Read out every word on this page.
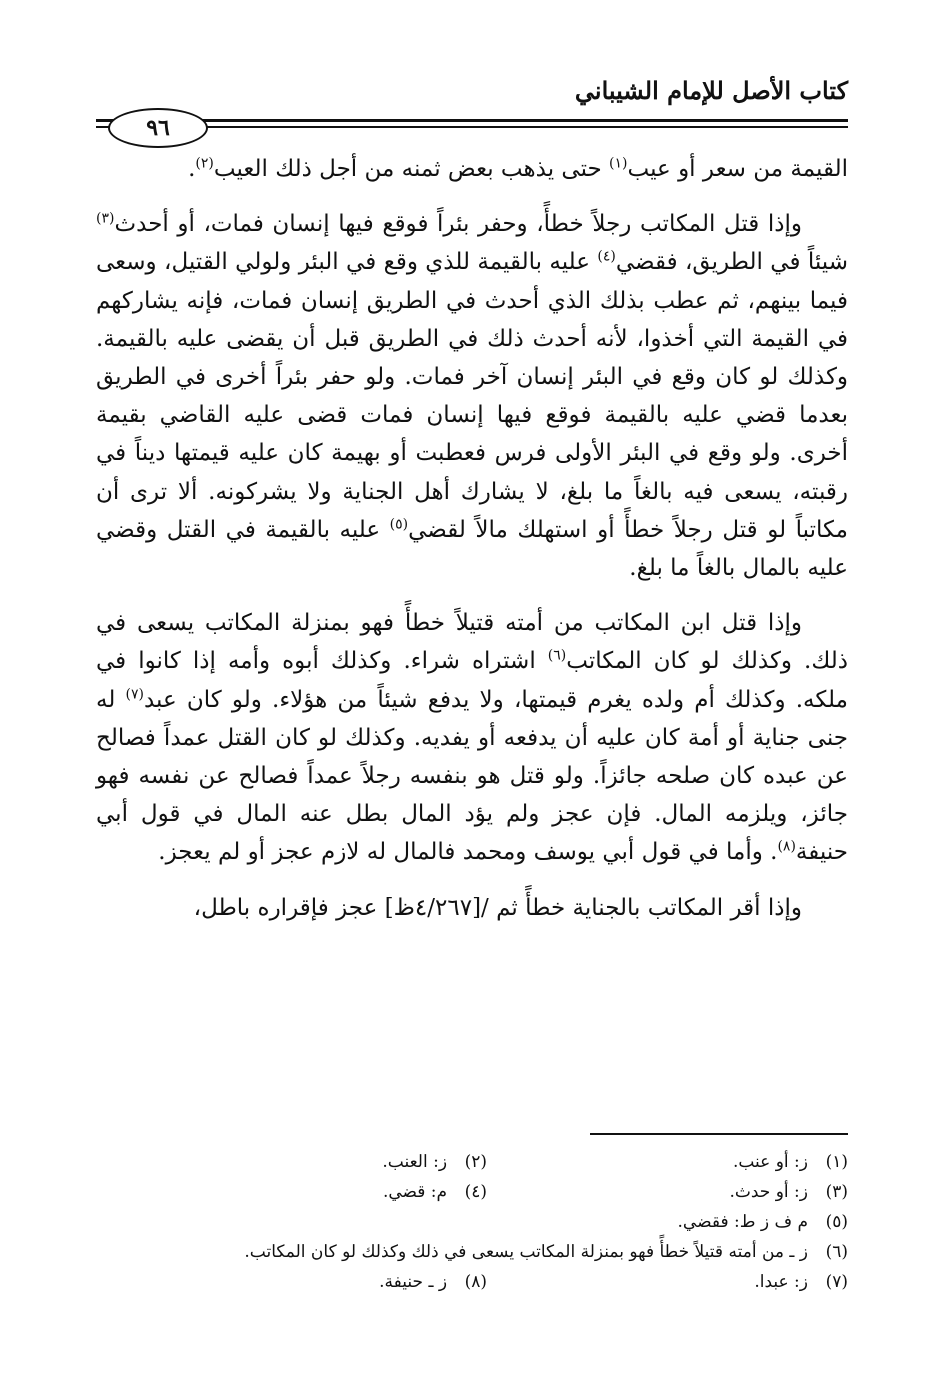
كتاب الأصل للإمام الشيباني
٩٦

القيمة من سعر أو عيب$^{(١)}$ حتى يذهب بعض ثمنه من أجل ذلك العيب$^{(٢)}$.

وإذا قتل المكاتب رجلاً خطأً، وحفر بئراً فوقع فيها إنسان فمات، أو أحدث$^{(٣)}$ شيئاً في الطريق، فقضي$^{(٤)}$ عليه بالقيمة للذي وقع في البئر ولولي القتيل، وسعى فيما بينهم، ثم عطب بذلك الذي أحدث في الطريق إنسان فمات، فإنه يشاركهم في القيمة التي أخذوا، لأنه أحدث ذلك في الطريق قبل أن يقضى عليه بالقيمة. وكذلك لو كان وقع في البئر إنسان آخر فمات. ولو حفر بئراً أخرى في الطريق بعدما قضي عليه بالقيمة فوقع فيها إنسان فمات قضى عليه القاضي بقيمة أخرى. ولو وقع في البئر الأولى فرس فعطبت أو بهيمة كان عليه قيمتها ديناً في رقبته، يسعى فيه بالغاً ما بلغ، لا يشارك أهل الجناية ولا يشركونه. ألا ترى أن مكاتباً لو قتل رجلاً خطأً أو استهلك مالاً لقضي$^{(٥)}$ عليه بالقيمة في القتل وقضي عليه بالمال بالغاً ما بلغ.

وإذا قتل ابن المكاتب من أمته قتيلاً خطأً فهو بمنزلة المكاتب يسعى في ذلك. وكذلك لو كان المكاتب$^{(٦)}$ اشتراه شراء. وكذلك أبوه وأمه إذا كانوا في ملكه. وكذلك أم ولده يغرم قيمتها، ولا يدفع شيئاً من هؤلاء. ولو كان عبد$^{(٧)}$ له جنى جناية أو أمة كان عليه أن يدفعه أو يفديه. وكذلك لو كان القتل عمداً فصالح عن عبده كان صلحه جائزاً. ولو قتل هو بنفسه رجلاً عمداً فصالح عن نفسه فهو جائز، ويلزمه المال. فإن عجز ولم يؤد المال بطل عنه المال في قول أبي حنيفة$^{(٨)}$. وأما في قول أبي يوسف ومحمد فالمال له لازم عجز أو لم يعجز.

وإذا أقر المكاتب بالجناية خطأً ثم /[٤/٢٦٧ظ] عجز فإقراره باطل،

(١)ز: أو عنب.
(٢)ز: العنب.
(٣)ز: أو حدث.
(٤)م: قضي.
(٥)م ف ز ط: فقضي.
(٦)ز ـ من أمته قتيلاً خطأً فهو بمنزلة المكاتب يسعى في ذلك وكذلك لو كان المكاتب.
(٧)ز: عبدا.
(٨)ز ـ حنيفة.
